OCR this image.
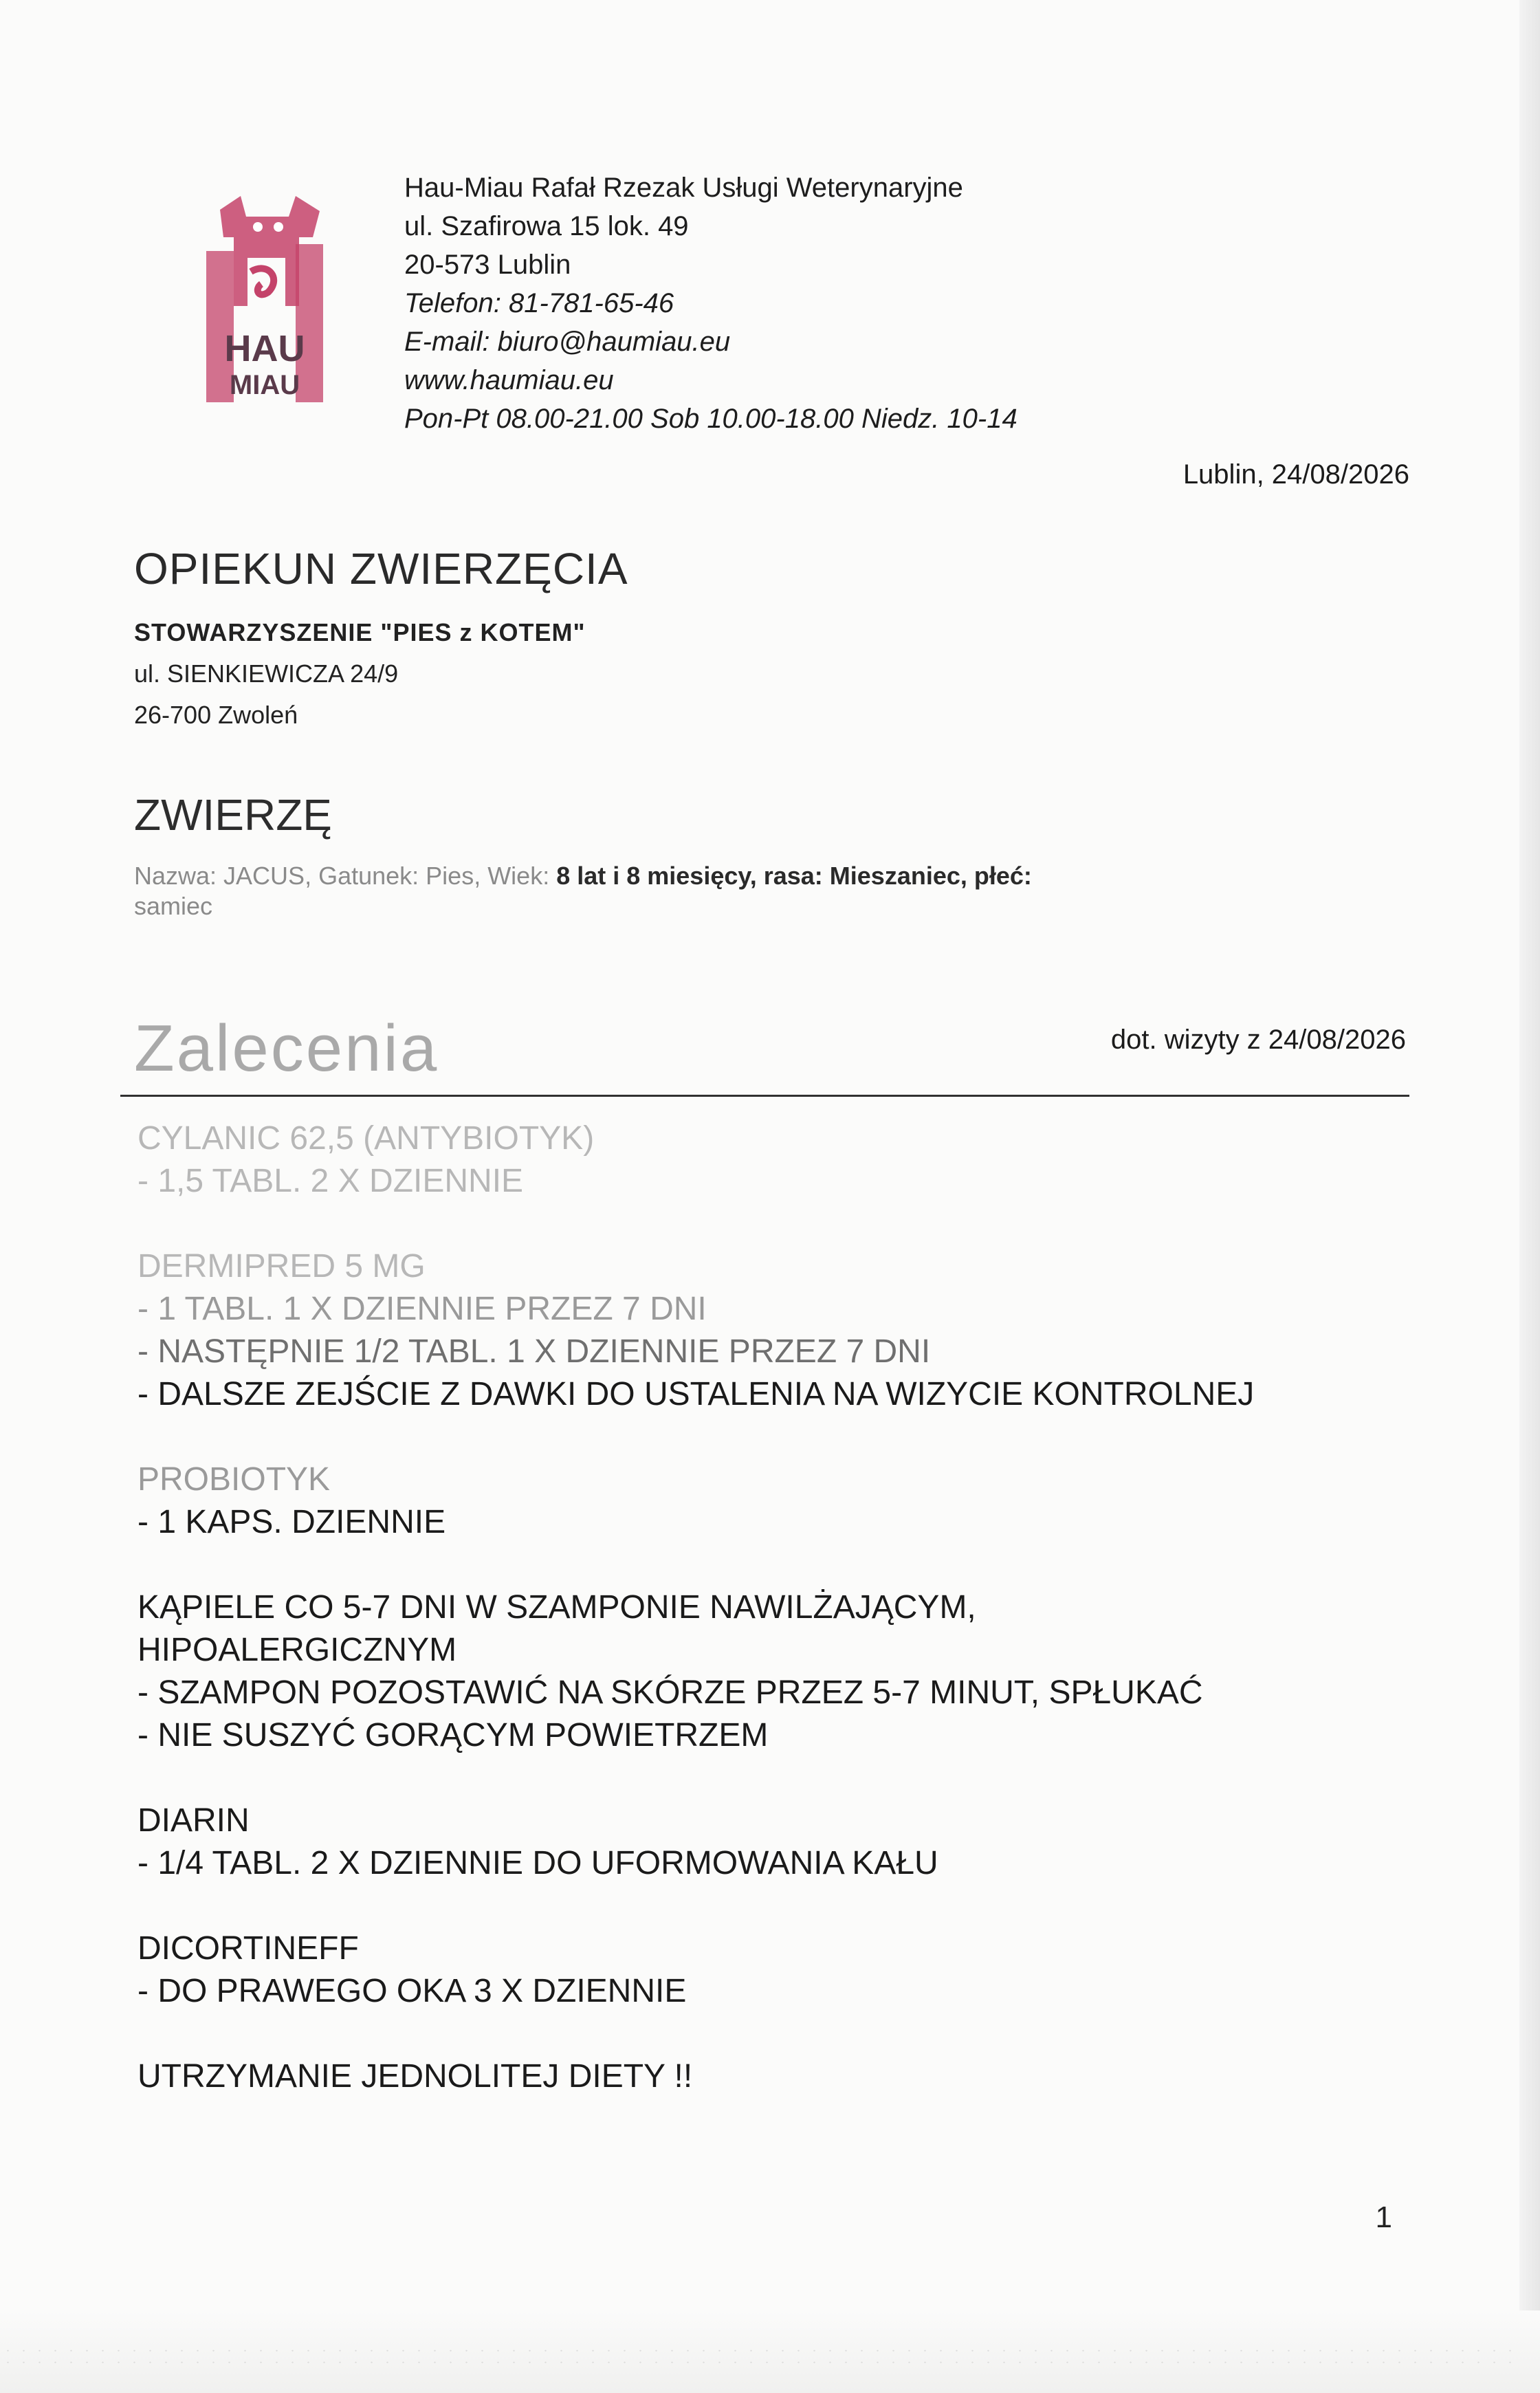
HAU
MIAU
Hau-Miau Rafał Rzezak Usługi Weterynaryjne
ul. Szafirowa 15 lok. 49
20-573 Lublin
Telefon: 81-781-65-46
E-mail: biuro@haumiau.eu
www.haumiau.eu
Pon-Pt 08.00-21.00 Sob 10.00-18.00 Niedz. 10-14
Lublin, 24/08/2026
OPIEKUN ZWIERZĘCIA
STOWARZYSZENIE "PIES z KOTEM"
ul. SIENKIEWICZA 24/9
26-700 Zwoleń
ZWIERZĘ
Nazwa: JACUS, Gatunek: Pies, Wiek: 8 lat i 8 miesięcy, rasa: Mieszaniec, płeć:
samiec
Zalecenia	dot. wizyty z 24/08/2026
CYLANIC 62,5 (ANTYBIOTYK)
- 1,5 TABL. 2 X DZIENNIE
DERMIPRED 5 MG
- 1 TABL. 1 X DZIENNIE PRZEZ 7 DNI
- NASTĘPNIE 1/2 TABL. 1 X DZIENNIE PRZEZ 7 DNI
- DALSZE ZEJŚCIE Z DAWKI DO USTALENIA NA WIZYCIE KONTROLNEJ
PROBIOTYK
- 1 KAPS. DZIENNIE
KĄPIELE CO 5-7 DNI W SZAMPONIE NAWILŻAJĄCYM,
HIPOALERGICZNYM
- SZAMPON POZOSTAWIĆ NA SKÓRZE PRZEZ 5-7 MINUT, SPŁUKAĆ
- NIE SUSZYĆ GORĄCYM POWIETRZEM
DIARIN
- 1/4 TABL. 2 X DZIENNIE DO UFORMOWANIA KAŁU
DICORTINEFF
- DO PRAWEGO OKA 3 X DZIENNIE
UTRZYMANIE JEDNOLITEJ DIETY !!
1
